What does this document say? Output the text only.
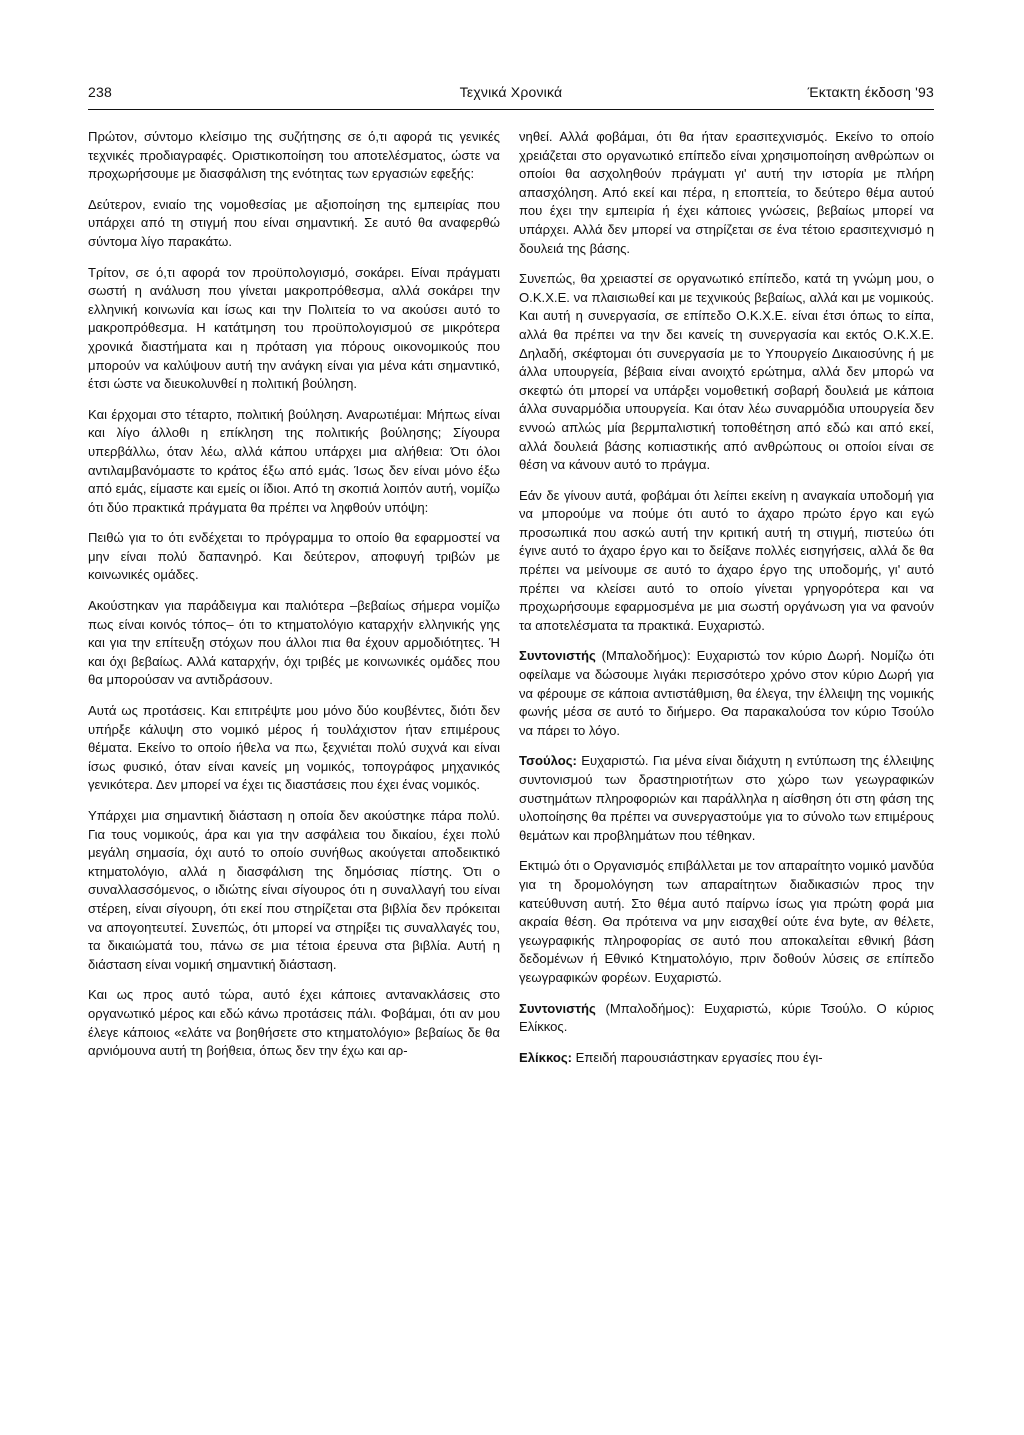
238	Τεχνικά Χρονικά	Έκτακτη έκδοση '93

Πρώτον, σύντομο κλείσιμο της συζήτησης σε ό,τι αφορά τις γενικές τεχνικές προδιαγραφές. Οριστικοποίηση του αποτελέσματος, ώστε να προχωρήσουμε με διασφάλιση της ενότητας των εργασιών εφεξής:

Δεύτερον, ενιαίο της νομοθεσίας με αξιοποίηση της εμπειρίας που υπάρχει από τη στιγμή που είναι σημαντική. Σε αυτό θα αναφερθώ σύντομα λίγο παρακάτω.

Τρίτον, σε ό,τι αφορά τον προϋπολογισμό, σοκάρει. Είναι πράγματι σωστή η ανάλυση που γίνεται μακροπρόθεσμα, αλλά σοκάρει την ελληνική κοινωνία και ίσως και την Πολιτεία το να ακούσει αυτό το μακροπρόθεσμα. Η κατάτμηση του προϋπολογισμού σε μικρότερα χρονικά διαστήματα και η πρόταση για πόρους οικονομικούς που μπορούν να καλύψουν αυτή την ανάγκη είναι για μένα κάτι σημαντικό, έτσι ώστε να διευκολυνθεί η πολιτική βούληση.

Και έρχομαι στο τέταρτο, πολιτική βούληση. Αναρωτιέμαι: Μήπως είναι και λίγο άλλοθι η επίκληση της πολιτικής βούλησης; Σίγουρα υπερβάλλω, όταν λέω, αλλά κάπου υπάρχει μια αλήθεια: Ότι όλοι αντιλαμβανόμαστε το κράτος έξω από εμάς. Ίσως δεν είναι μόνο έξω από εμάς, είμαστε και εμείς οι ίδιοι. Από τη σκοπιά λοιπόν αυτή, νομίζω ότι δύο πρακτικά πράγματα θα πρέπει να ληφθούν υπόψη:

Πειθώ για το ότι ενδέχεται το πρόγραμμα το οποίο θα εφαρμοστεί να μην είναι πολύ δαπανηρό. Και δεύτερον, αποφυγή τριβών με κοινωνικές ομάδες.

Ακούστηκαν για παράδειγμα και παλιότερα –βεβαίως σήμερα νομίζω πως είναι κοινός τόπος– ότι το κτηματολόγιο καταρχήν ελληνικής γης και για την επίτευξη στόχων που άλλοι πια θα έχουν αρμοδιότητες. Ή και όχι βεβαίως. Αλλά καταρχήν, όχι τριβές με κοινωνικές ομάδες που θα μπορούσαν να αντιδράσουν.

Αυτά ως προτάσεις. Και επιτρέψτε μου μόνο δύο κουβέντες, διότι δεν υπήρξε κάλυψη στο νομικό μέρος ή τουλάχιστον ήταν επιμέρους θέματα. Εκείνο το οποίο ήθελα να πω, ξεχνιέται πολύ συχνά και είναι ίσως φυσικό, όταν είναι κανείς μη νομικός, τοπογράφος μηχανικός γενικότερα. Δεν μπορεί να έχει τις διαστάσεις που έχει ένας νομικός.

Υπάρχει μια σημαντική διάσταση η οποία δεν ακούστηκε πάρα πολύ. Για τους νομικούς, άρα και για την ασφάλεια του δικαίου, έχει πολύ μεγάλη σημασία, όχι αυτό το οποίο συνήθως ακούγεται αποδεικτικό κτηματολόγιο, αλλά η διασφάλιση της δημόσιας πίστης. Ότι ο συναλλασσόμενος, ο ιδιώτης είναι σίγουρος ότι η συναλλαγή του είναι στέρεη, είναι σίγουρη, ότι εκεί που στηρίζεται στα βιβλία δεν πρόκειται να απογοητευτεί. Συνεπώς, ότι μπορεί να στηρίξει τις συναλλαγές του, τα δικαιώματά του, πάνω σε μια τέτοια έρευνα στα βιβλία. Αυτή η διάσταση είναι νομική σημαντική διάσταση.

Και ως προς αυτό τώρα, αυτό έχει κάποιες αντανακλάσεις στο οργανωτικό μέρος και εδώ κάνω προτάσεις πάλι. Φοβάμαι, ότι αν μου έλεγε κάποιος «ελάτε να βοηθήσετε στο κτηματολόγιο» βεβαίως δε θα αρνιόμουνα αυτή τη βοήθεια, όπως δεν την έχω και αρ-

νηθεί. Αλλά φοβάμαι, ότι θα ήταν ερασιτεχνισμός. Εκείνο το οποίο χρειάζεται στο οργανωτικό επίπεδο είναι χρησιμοποίηση ανθρώπων οι οποίοι θα ασχοληθούν πράγματι γι' αυτή την ιστορία με πλήρη απασχόληση. Από εκεί και πέρα, η εποπτεία, το δεύτερο θέμα αυτού που έχει την εμπειρία ή έχει κάποιες γνώσεις, βεβαίως μπορεί να υπάρχει. Αλλά δεν μπορεί να στηρίζεται σε ένα τέτοιο ερασιτεχνισμό η δουλειά της βάσης.

Συνεπώς, θα χρειαστεί σε οργανωτικό επίπεδο, κατά τη γνώμη μου, ο Ο.Κ.Χ.Ε. να πλαισιωθεί και με τεχνικούς βεβαίως, αλλά και με νομικούς. Και αυτή η συνεργασία, σε επίπεδο Ο.Κ.Χ.Ε. είναι έτσι όπως το είπα, αλλά θα πρέπει να την δει κανείς τη συνεργασία και εκτός Ο.Κ.Χ.Ε. Δηλαδή, σκέφτομαι ότι συνεργασία με το Υπουργείο Δικαιοσύνης ή με άλλα υπουργεία, βέβαια είναι ανοιχτό ερώτημα, αλλά δεν μπορώ να σκεφτώ ότι μπορεί να υπάρξει νομοθετική σοβαρή δουλειά με κάποια άλλα συναρμόδια υπουργεία. Και όταν λέω συναρμόδια υπουργεία δεν εννοώ απλώς μία βερμπαλιστική τοποθέτηση από εδώ και από εκεί, αλλά δουλειά βάσης κοπιαστικής από ανθρώπους οι οποίοι είναι σε θέση να κάνουν αυτό το πράγμα.

Εάν δε γίνουν αυτά, φοβάμαι ότι λείπει εκείνη η αναγκαία υποδομή για να μπορούμε να πούμε ότι αυτό το άχαρο πρώτο έργο και εγώ προσωπικά που ασκώ αυτή την κριτική αυτή τη στιγμή, πιστεύω ότι έγινε αυτό το άχαρο έργο και το δείξανε πολλές εισηγήσεις, αλλά δε θα πρέπει να μείνουμε σε αυτό το άχαρο έργο της υποδομής, γι' αυτό πρέπει να κλείσει αυτό το οποίο γίνεται γρηγορότερα και να προχωρήσουμε εφαρμοσμένα με μια σωστή οργάνωση για να φανούν τα αποτελέσματα τα πρακτικά. Ευχαριστώ.

Συντονιστής (Μπαλοδήμος): Ευχαριστώ τον κύριο Δωρή. Νομίζω ότι οφείλαμε να δώσουμε λιγάκι περισσότερο χρόνο στον κύριο Δωρή για να φέρουμε σε κάποια αντιστάθμιση, θα έλεγα, την έλλειψη της νομικής φωνής μέσα σε αυτό το διήμερο. Θα παρακαλούσα τον κύριο Τσούλο να πάρει το λόγο.

Τσούλος: Ευχαριστώ. Για μένα είναι διάχυτη η εντύπωση της έλλειψης συντονισμού των δραστηριοτήτων στο χώρο των γεωγραφικών συστημάτων πληροφοριών και παράλληλα η αίσθηση ότι στη φάση της υλοποίησης θα πρέπει να συνεργαστούμε για το σύνολο των επιμέρους θεμάτων και προβλημάτων που τέθηκαν.

Εκτιμώ ότι ο Οργανισμός επιβάλλεται με τον απαραίτητο νομικό μανδύα για τη δρομολόγηση των απαραίτητων διαδικασιών προς την κατεύθυνση αυτή. Στο θέμα αυτό παίρνω ίσως για πρώτη φορά μια ακραία θέση. Θα πρότεινα να μην εισαχθεί ούτε ένα byte, αν θέλετε, γεωγραφικής πληροφορίας σε αυτό που αποκαλείται εθνική βάση δεδομένων ή Εθνικό Κτηματολόγιο, πριν δοθούν λύσεις σε επίπεδο γεωγραφικών φορέων. Ευχαριστώ.

Συντονιστής (Μπαλοδήμος): Ευχαριστώ, κύριε Τσούλο. Ο κύριος Ελίκκος.

Ελίκκος: Επειδή παρουσιάστηκαν εργασίες που έγι-
